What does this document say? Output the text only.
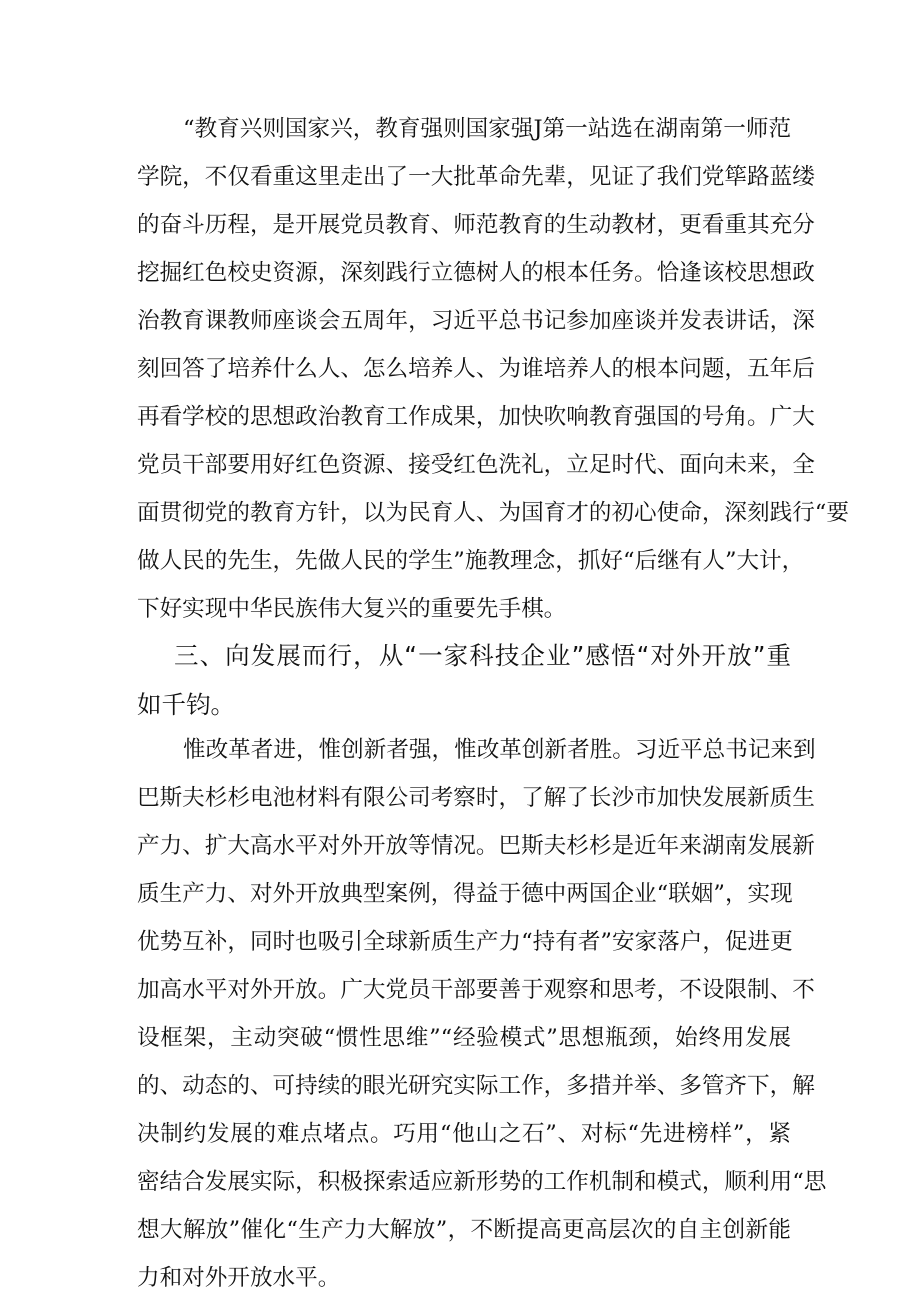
“教育兴则国家兴，教育强则国家强J第一站选在湖南第一师范
学院，不仅看重这里走出了一大批革命先辈，见证了我们党筚路蓝缕
的奋斗历程，是开展党员教育、师范教育的生动教材，更看重其充分
挖掘红色校史资源，深刻践行立德树人的根本任务。恰逢该校思想政
治教育课教师座谈会五周年，习近平总书记参加座谈并发表讲话，深
刻回答了培养什么人、怎么培养人、为谁培养人的根本问题，五年后
再看学校的思想政治教育工作成果，加快吹响教育强国的号角。广大
党员干部要用好红色资源、接受红色洗礼，立足时代、面向未来，全
面贯彻党的教育方针，以为民育人、为国育才的初心使命，深刻践行“要
做人民的先生，先做人民的学生”施教理念，抓好“后继有人”大计，
下好实现中华民族伟大复兴的重要先手棋。
三、向发展而行，从“一家科技企业”感悟“对外开放”重
如千钧。
惟改革者进，惟创新者强，惟改革创新者胜。习近平总书记来到
巴斯夫杉杉电池材料有限公司考察时，了解了长沙市加快发展新质生
产力、扩大高水平对外开放等情况。巴斯夫杉杉是近年来湖南发展新
质生产力、对外开放典型案例，得益于德中两国企业“联姻”，实现
优势互补，同时也吸引全球新质生产力“持有者”安家落户，促进更
加高水平对外开放。广大党员干部要善于观察和思考，不设限制、不
设框架，主动突破“惯性思维”“经验模式”思想瓶颈，始终用发展
的、动态的、可持续的眼光研究实际工作，多措并举、多管齐下，解
决制约发展的难点堵点。巧用“他山之石”、对标“先进榜样”，紧
密结合发展实际，积极探索适应新形势的工作机制和模式，顺利用“思
想大解放”催化“生产力大解放”，不断提高更高层次的自主创新能
力和对外开放水平。
